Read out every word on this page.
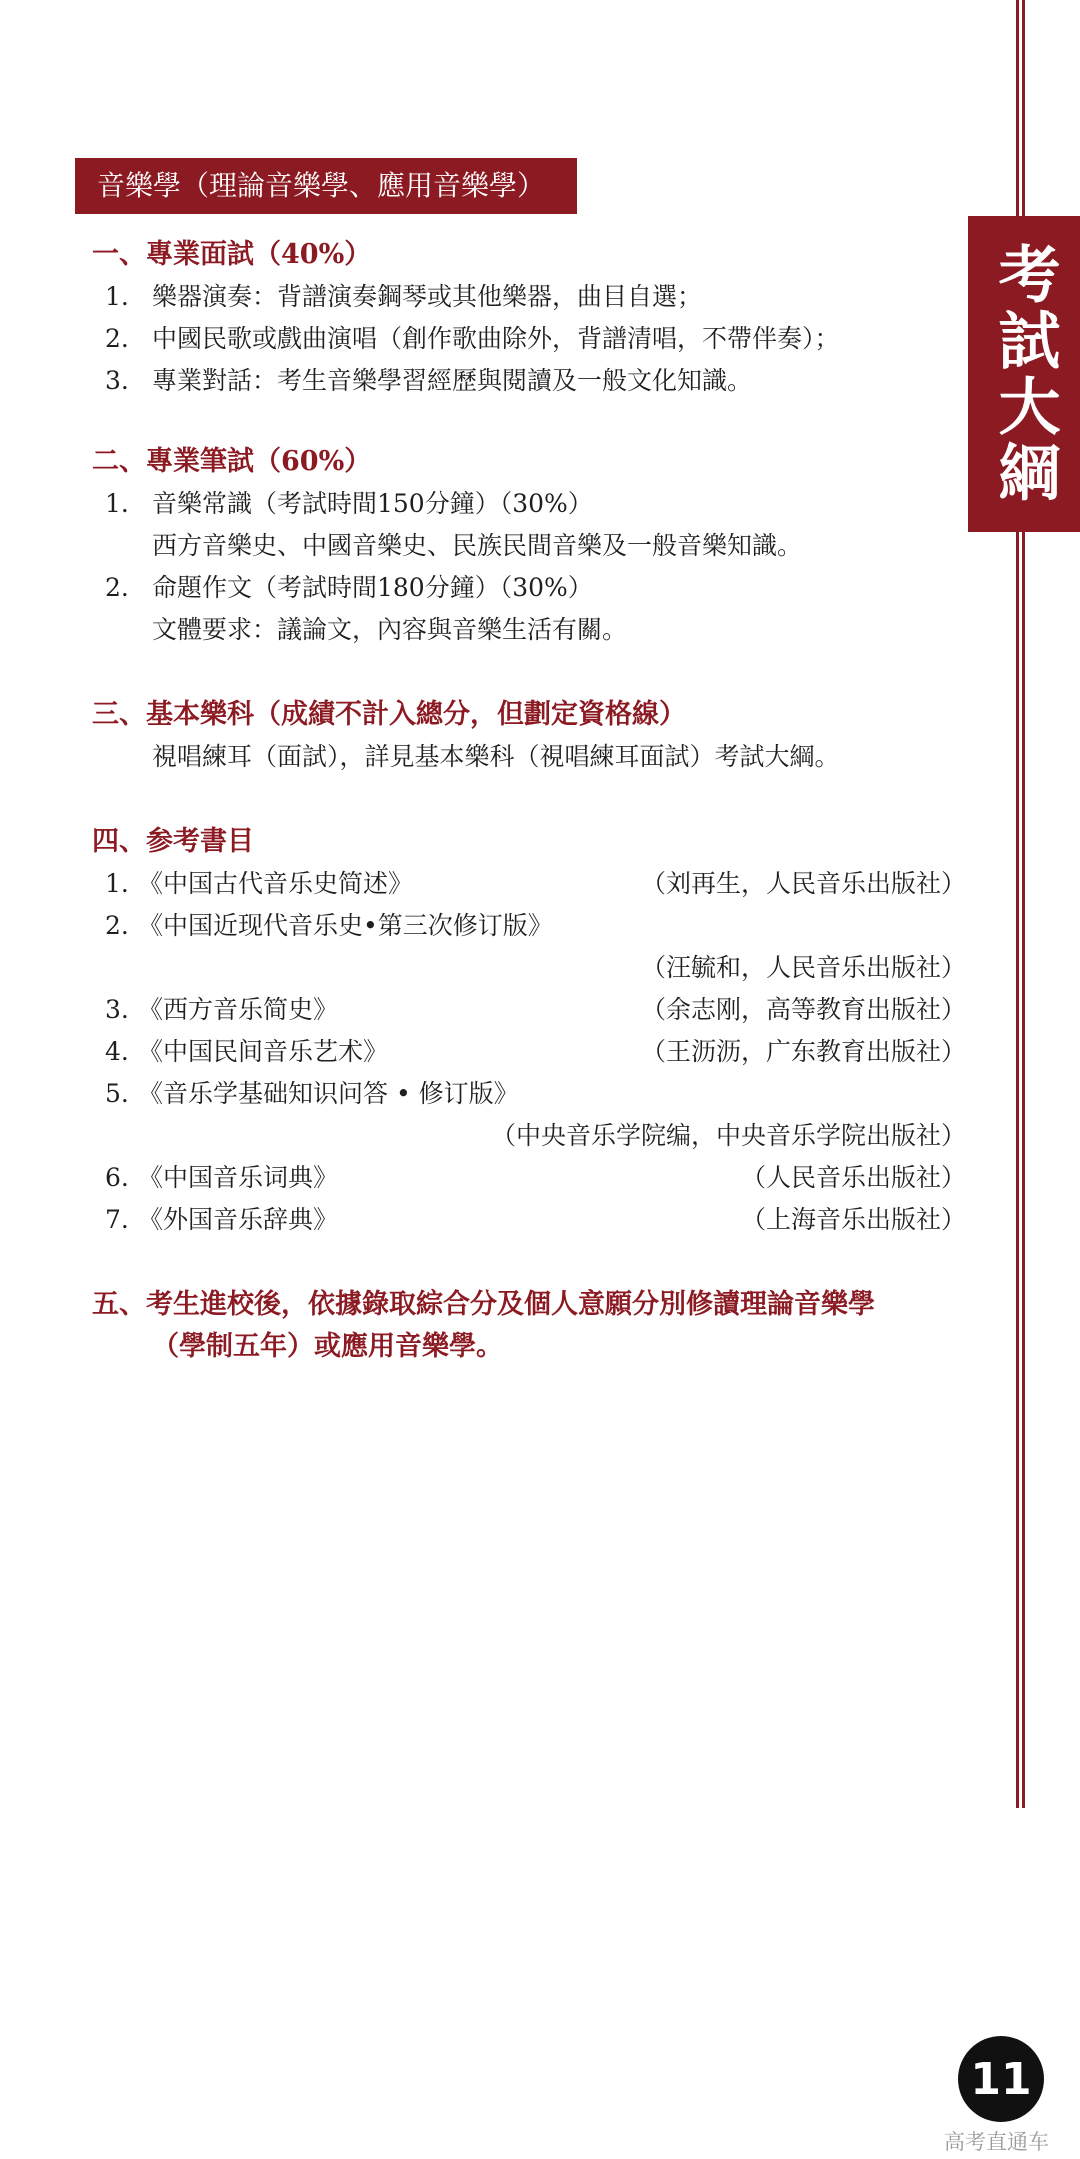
考試大綱
音樂學（理論音樂學、應用音樂學）
一、專業面試（40%）
1. 樂器演奏：背譜演奏鋼琴或其他樂器，曲目自選；
2. 中國民歌或戲曲演唱（創作歌曲除外，背譜清唱，不帶伴奏）；
3. 專業對話：考生音樂學習經歷與閱讀及一般文化知識。
二、專業筆試（60%）
1. 音樂常識（考試時間150分鐘）（30%）
西方音樂史、中國音樂史、民族民間音樂及一般音樂知識。
2. 命題作文（考試時間180分鐘）（30%）
文體要求：議論文，內容與音樂生活有關。
三、基本樂科（成績不計入總分，但劃定資格線）
視唱練耳（面試），詳見基本樂科（視唱練耳面試）考試大綱。
四、参考書目
1. 《中国古代音乐史简述》	（刘再生，人民音乐出版社）
2. 《中国近现代音乐史•第三次修订版》
（汪毓和，人民音乐出版社）
3. 《西方音乐简史》	（余志刚，高等教育出版社）
4. 《中国民间音乐艺术》	（王沥沥，广东教育出版社）
5. 《音乐学基础知识问答 • 修订版》
（中央音乐学院编，中央音乐学院出版社）
6. 《中国音乐词典》	（人民音乐出版社）
7. 《外国音乐辞典》	（上海音乐出版社）
五、考生進校後，依據錄取綜合分及個人意願分別修讀理論音樂學
（學制五年）或應用音樂學。
11
高考直通车
